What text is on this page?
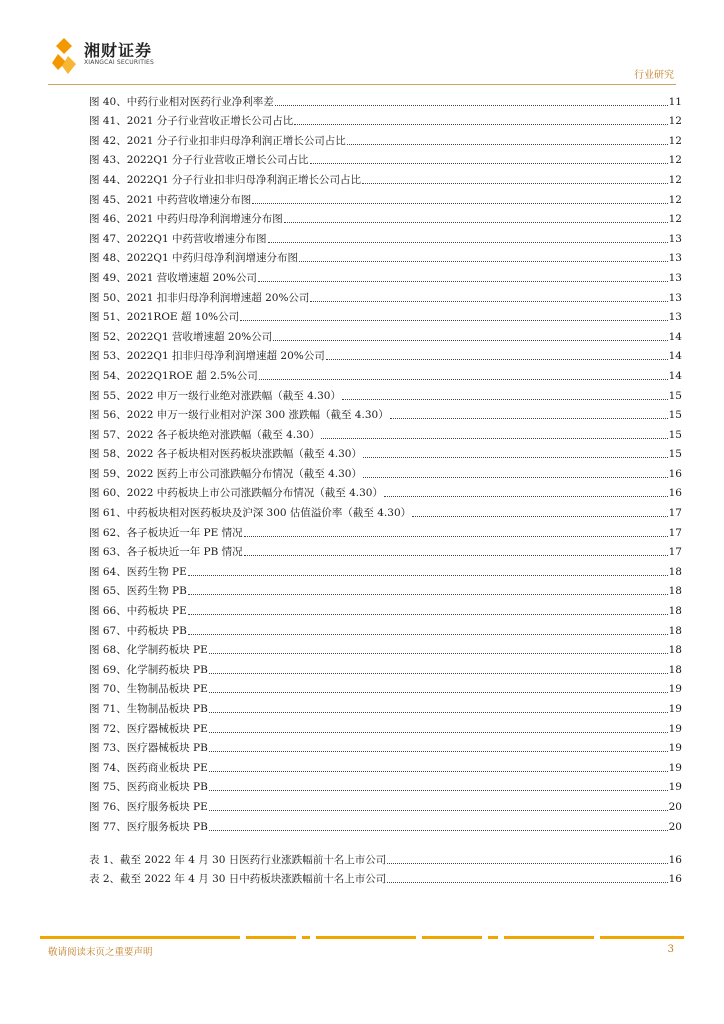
湘财证券
XIANGCAI SECURITIES
行业研究
图 40、中药行业相对医药行业净利率差	11
图 41、2021 分子行业营收正增长公司占比	12
图 42、2021 分子行业扣非归母净利润正增长公司占比	12
图 43、2022Q1 分子行业营收正增长公司占比	12
图 44、2022Q1 分子行业扣非归母净利润正增长公司占比	12
图 45、2021 中药营收增速分布图	12
图 46、2021 中药归母净利润增速分布图	12
图 47、2022Q1 中药营收增速分布图	13
图 48、2022Q1 中药归母净利润增速分布图	13
图 49、2021 营收增速超 20%公司	13
图 50、2021 扣非归母净利润增速超 20%公司	13
图 51、2021ROE 超 10%公司	13
图 52、2022Q1 营收增速超 20%公司	14
图 53、2022Q1 扣非归母净利润增速超 20%公司	14
图 54、2022Q1ROE 超 2.5%公司	14
图 55、2022 申万一级行业绝对涨跌幅（截至 4.30）	15
图 56、2022 申万一级行业相对沪深 300 涨跌幅（截至 4.30）	15
图 57、2022 各子板块绝对涨跌幅（截至 4.30）	15
图 58、2022 各子板块相对医药板块涨跌幅（截至 4.30）	15
图 59、2022 医药上市公司涨跌幅分布情况（截至 4.30）	16
图 60、2022 中药板块上市公司涨跌幅分布情况（截至 4.30）	16
图 61、中药板块相对医药板块及沪深 300 估值溢价率（截至 4.30）	17
图 62、各子板块近一年 PE 情况	17
图 63、各子板块近一年 PB 情况	17
图 64、医药生物 PE	18
图 65、医药生物 PB	18
图 66、中药板块 PE	18
图 67、中药板块 PB	18
图 68、化学制药板块 PE	18
图 69、化学制药板块 PB	18
图 70、生物制品板块 PE	19
图 71、生物制品板块 PB	19
图 72、医疗器械板块 PE	19
图 73、医疗器械板块 PB	19
图 74、医药商业板块 PE	19
图 75、医药商业板块 PB	19
图 76、医疗服务板块 PE	20
图 77、医疗服务板块 PB	20
表 1、截至 2022 年 4 月 30 日医药行业涨跌幅前十名上市公司	16
表 2、截至 2022 年 4 月 30 日中药板块涨跌幅前十名上市公司	16
敬请阅读末页之重要声明	3
